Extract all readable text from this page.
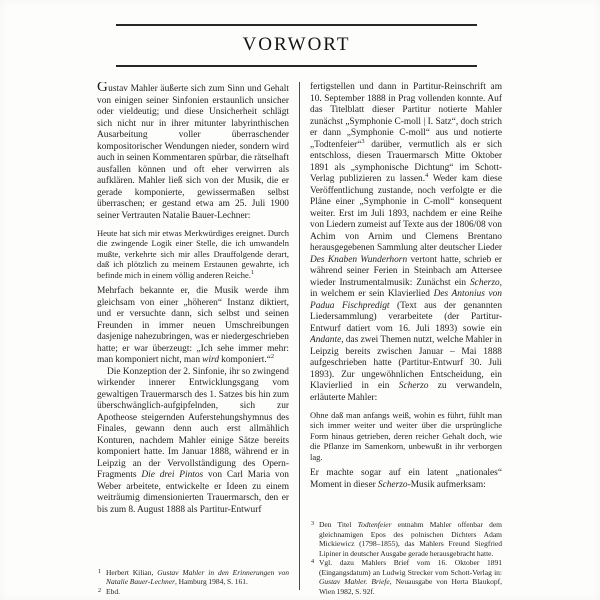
VORWORT
Gustav Mahler äußerte sich zum Sinn und Gehalt von einigen seiner Sinfonien erstaunlich unsicher oder vieldeutig; und diese Unsicherheit schlägt sich nicht nur in ihrer mitunter labyrinthischen Ausarbeitung voller überraschender kompositorischer Wendungen nieder, sondern wird auch in seinen Kommentaren spürbar, die rätselhaft ausfallen können und oft eher verwirren als aufklären. Mahler ließ sich von der Musik, die er gerade komponierte, gewissermaßen selbst überraschen; er gestand etwa am 25. Juli 1900 seiner Vertrauten Natalie Bauer-Lechner:
Heute hat sich mir etwas Merkwürdiges ereignet. Durch die zwingende Logik einer Stelle, die ich umwandeln mußte, verkehrte sich mir alles Drauffolgende derart, daß ich plötzlich zu meinem Erstaunen gewahrte, ich befinde mich in einem völlig anderen Reiche.$^1$
Mehrfach bekannte er, die Musik werde ihm gleichsam von einer „höheren“ Instanz diktiert, und er versuchte dann, sich selbst und seinen Freunden in immer neuen Umschreibungen dasjenige nahezubringen, was er niedergeschrieben hatte; er war überzeugt: „Ich sehe immer mehr: man komponiert nicht, man wird komponiert.“$^2$
Die Konzeption der 2. Sinfonie, ihr so zwingend wirkender innerer Entwicklungsgang vom gewaltigen Trauermarsch des 1. Satzes bis hin zum überschwänglich-aufgipfelnden, sich zur Apotheose steigernden Auferstehungshymnus des Finales, gewann denn auch erst allmählich Konturen, nachdem Mahler einige Sätze bereits komponiert hatte. Im Januar 1888, während er in Leipzig an der Vervollständigung des Opern-Fragments Die drei Pintos von Carl Maria von Weber arbeitete, entwickelte er Ideen zu einem weiträumig dimensionierten Trauermarsch, den er bis zum 8. August 1888 als Partitur-Entwurf
1 Herbert Kilian, Gustav Mahler in den Erinnerungen von Natalie Bauer-Lechner, Hamburg 1984, S. 161.
2 Ebd.
fertigstellen und dann in Partitur-Reinschrift am 10. September 1888 in Prag vollenden konnte. Auf das Titelblatt dieser Partitur notierte Mahler zunächst „Symphonie C-moll | I. Satz“, doch strich er dann „Symphonie C-moll“ aus und notierte „Todtenfeier“$^3$ darüber, vermutlich als er sich entschloss, diesen Trauermarsch Mitte Oktober 1891 als „symphonische Dichtung“ im Schott-Verlag publizieren zu lassen.$^4$ Weder kam diese Veröffentlichung zustande, noch verfolgte er die Pläne einer „Symphonie in C-moll“ konsequent weiter. Erst im Juli 1893, nachdem er eine Reihe von Liedern zumeist auf Texte aus der 1806/08 von Achim von Arnim und Clemens Brentano herausgegebenen Sammlung alter deutscher Lieder Des Knaben Wunderhorn vertont hatte, schrieb er während seiner Ferien in Steinbach am Attersee wieder Instrumentalmusik: Zunächst ein Scherzo, in welchem er sein Klavierlied Des Antonius von Padua Fischpredigt (Text aus der genannten Liedersammlung) verarbeitete (der Partitur-Entwurf datiert vom 16. Juli 1893) sowie ein Andante, das zwei Themen nutzt, welche Mahler in Leipzig bereits zwischen Januar – Mai 1888 aufgeschrieben hatte (Partitur-Entwurf 30. Juli 1893). Zur ungewöhnlichen Entscheidung, ein Klavierlied in ein Scherzo zu verwandeln, erläuterte Mahler:
Ohne daß man anfangs weiß, wohin es führt, fühlt man sich immer weiter und weiter über die ursprüngliche Form hinaus getrieben, deren reicher Gehalt doch, wie die Pflanze im Samenkorn, unbewußt in ihr verborgen lag.
Er machte sogar auf ein latent „nationales“ Moment in dieser Scherzo-Musik aufmerksam:
3 Den Titel Todtenfeier entnahm Mahler offenbar dem gleichnamigen Epos des polnischen Dichters Adam Mickiewicz (1798–1855), das Mahlers Freund Siegfried Lipiner in deutscher Ausgabe gerade herausgebracht hatte.
4 Vgl. dazu Mahlers Brief vom 16. Oktober 1891 (Eingangsdatum) an Ludwig Strecker vom Schott-Verlag in: Gustav Mahler. Briefe, Neuausgabe von Herta Blaukopf, Wien 1982, S. 92f.
